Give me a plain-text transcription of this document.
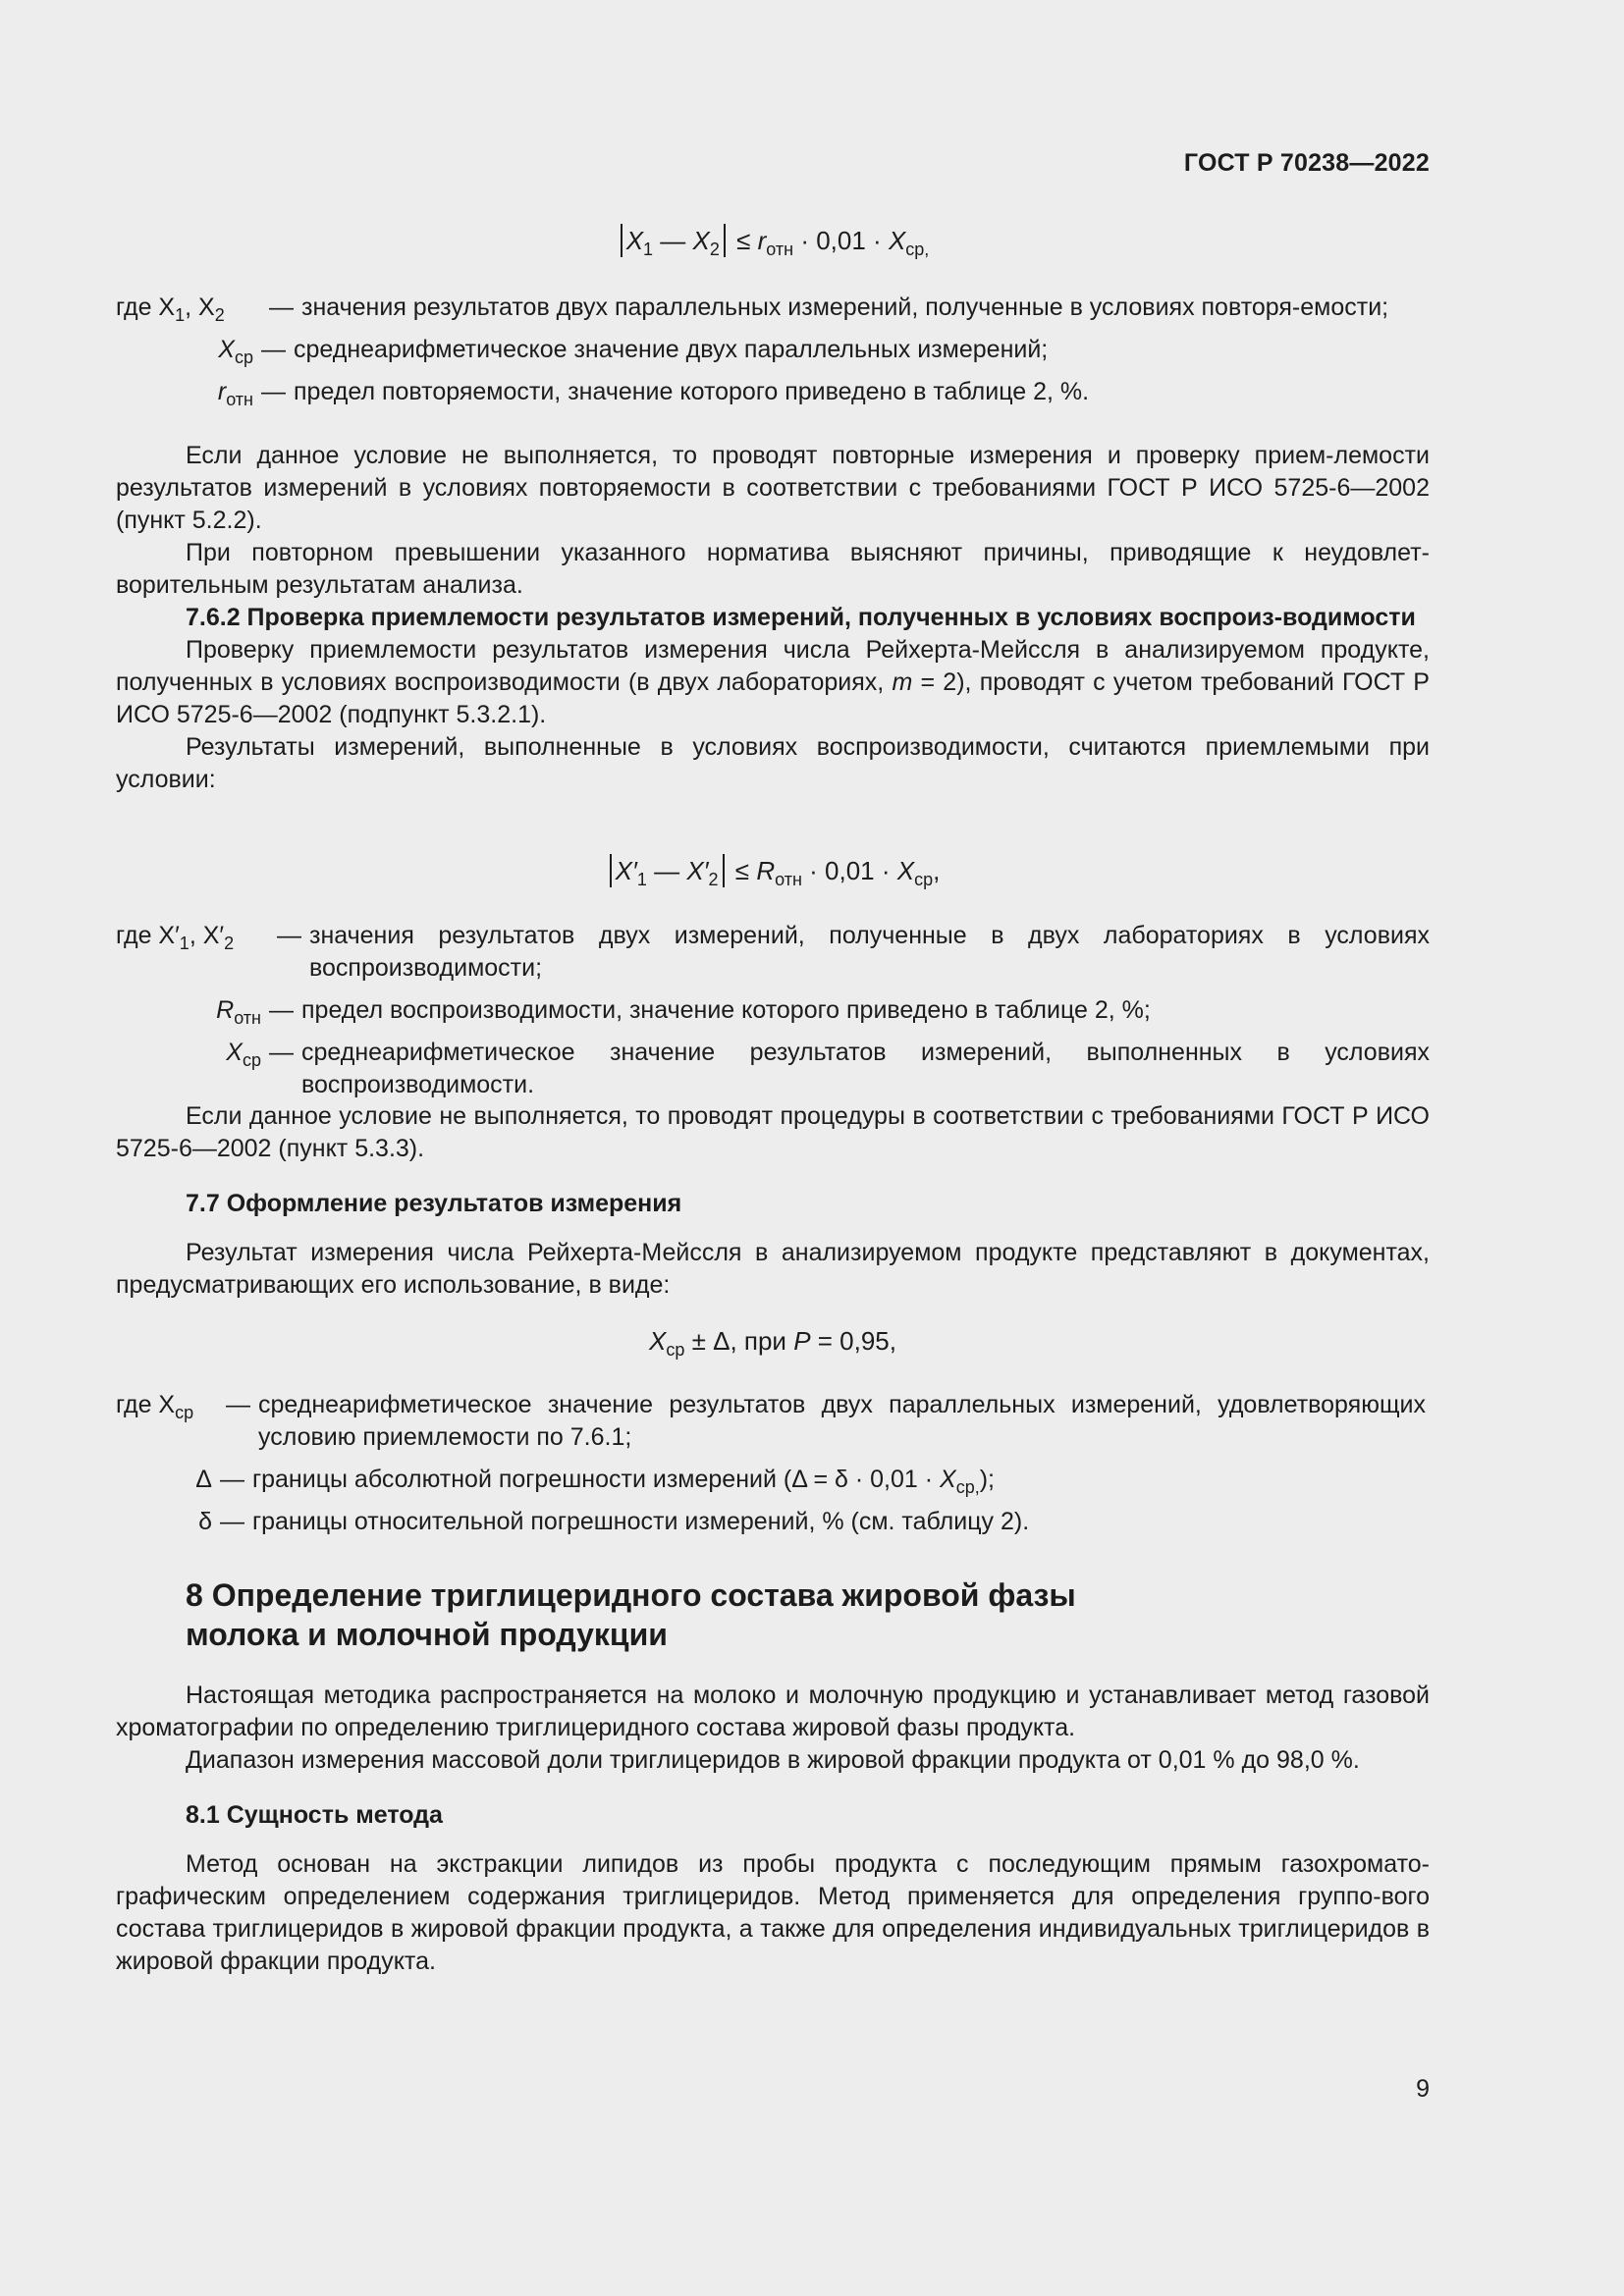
ГОСТ Р 70238—2022
$X_1$ — $X_2 \le r_{отн} \cdot 0,01 \cdot X_{ср,}$
где $X_1$, $X_2$	— значения результатов двух параллельных измерений, полученные в условиях повторя-емости;
$X_{ср}$ — среднеарифметическое значение двух параллельных измерений;
$r_{отн}$ — предел повторяемости, значение которого приведено в таблице 2, %.

Если данное условие не выполняется, то проводят повторные измерения и проверку прием-лемости результатов измерений в условиях повторяемости в соответствии с требованиями ГОСТ Р ИСО 5725-6—2002 (пункт 5.2.2).

При повторном превышении указанного норматива выясняют причины, приводящие к неудовлет-ворительным результатам анализа.

7.6.2 Проверка приемлемости результатов измерений, полученных в условиях воспроиз-водимости

Проверку приемлемости результатов измерения числа Рейхерта-Мейссля в анализируемом продукте, полученных в условиях воспроизводимости (в двух лабораториях, m = 2), проводят с учетом требований ГОСТ Р ИСО 5725-6—2002 (подпункт 5.3.2.1).

Результаты измерений, выполненные в условиях воспроизводимости, считаются приемлемыми при условии:

$X'_1$ — $X'_2 \le R_{отн} \cdot 0,01 \cdot X_{ср}$,
где $X'_1$, $X'_2$	— значения результатов двух измерений, полученные в двух лабораториях в условиях воспроизводимости;
$R_{отн}$ — предел воспроизводимости, значение которого приведено в таблице 2, %;
$X_{ср}$ — среднеарифметическое значение результатов измерений, выполненных в условиях воспроизводимости.

Если данное условие не выполняется, то проводят процедуры в соответствии с требованиями ГОСТ Р ИСО 5725-6—2002 (пункт 5.3.3).

7.7 Оформление результатов измерения

Результат измерения числа Рейхерта-Мейссля в анализируемом продукте представляют в документах, предусматривающих его использование, в виде:

$X_{ср} \pm \Delta$, при P = 0,95,
где $X_{ср}$	— среднеарифметическое значение результатов двух параллельных измерений, удовлетворяющих условию приемлемости по 7.6.1;
Δ — границы абсолютной погрешности измерений $(\Delta = \delta \cdot 0,01 \cdot X_{ср,})$;
δ — границы относительной погрешности измерений, % (см. таблицу 2).

8 Определение триглицеридного состава жировой фазы молока и молочной продукции

Настоящая методика распространяется на молоко и молочную продукцию и устанавливает метод газовой хроматографии по определению триглицеридного состава жировой фазы продукта.

Диапазон измерения массовой доли триглицеридов в жировой фракции продукта от 0,01 % до 98,0 %.

8.1 Сущность метода

Метод основан на экстракции липидов из пробы продукта с последующим прямым газохромато-графическим определением содержания триглицеридов. Метод применяется для определения группо-вого состава триглицеридов в жировой фракции продукта, а также для определения индивидуальных триглицеридов в жировой фракции продукта.

9
